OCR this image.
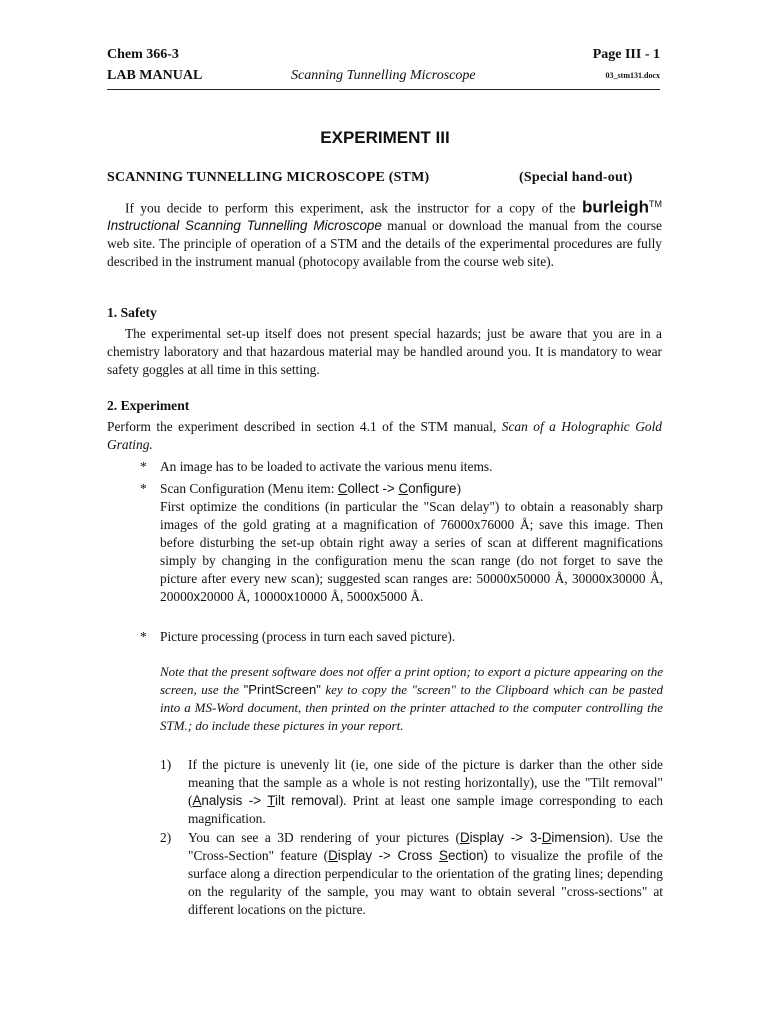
Chem 366-3	Page III - 1
LAB MANUAL	Scanning Tunnelling Microscope	03_stm131.docx
EXPERIMENT III
SCANNING TUNNELLING MICROSCOPE (STM)	(Special hand-out)
If you decide to perform this experiment, ask the instructor for a copy of the burleigh™ Instructional Scanning Tunnelling Microscope manual or download the manual from the course web site. The principle of operation of a STM and the details of the experimental procedures are fully described in the instrument manual (photocopy available from the course web site).
1. Safety
The experimental set-up itself does not present special hazards; just be aware that you are in a chemistry laboratory and that hazardous material may be handled around you. It is mandatory to wear safety goggles at all time in this setting.
2. Experiment
Perform the experiment described in section 4.1 of the STM manual, Scan of a Holographic Gold Grating.
* An image has to be loaded to activate the various menu items.
* Scan Configuration (Menu item: Collect -> Configure)
First optimize the conditions (in particular the "Scan delay") to obtain a reasonably sharp images of the gold grating at a magnification of 76000x76000 Å; save this image. Then before disturbing the set-up obtain right away a series of scan at different magnifications simply by changing in the configuration menu the scan range (do not forget to save the picture after every new scan); suggested scan ranges are: 50000x50000 Å, 30000x30000 Å, 20000x20000 Å, 10000x10000 Å, 5000x5000 Å.
* Picture processing (process in turn each saved picture).
Note that the present software does not offer a print option; to export a picture appearing on the screen, use the "PrintScreen" key to copy the "screen" to the Clipboard which can be pasted into a MS-Word document, then printed on the printer attached to the computer controlling the STM.; do include these pictures in your report.
1) If the picture is unevenly lit (ie, one side of the picture is darker than the other side meaning that the sample as a whole is not resting horizontally), use the "Tilt removal" (Analysis -> Tilt removal). Print at least one sample image corresponding to each magnification.
2) You can see a 3D rendering of your pictures (Display -> 3-Dimension). Use the "Cross-Section" feature (Display -> Cross Section) to visualize the profile of the surface along a direction perpendicular to the orientation of the grating lines; depending on the regularity of the sample, you may want to obtain several "cross-sections" at different locations on the picture.
